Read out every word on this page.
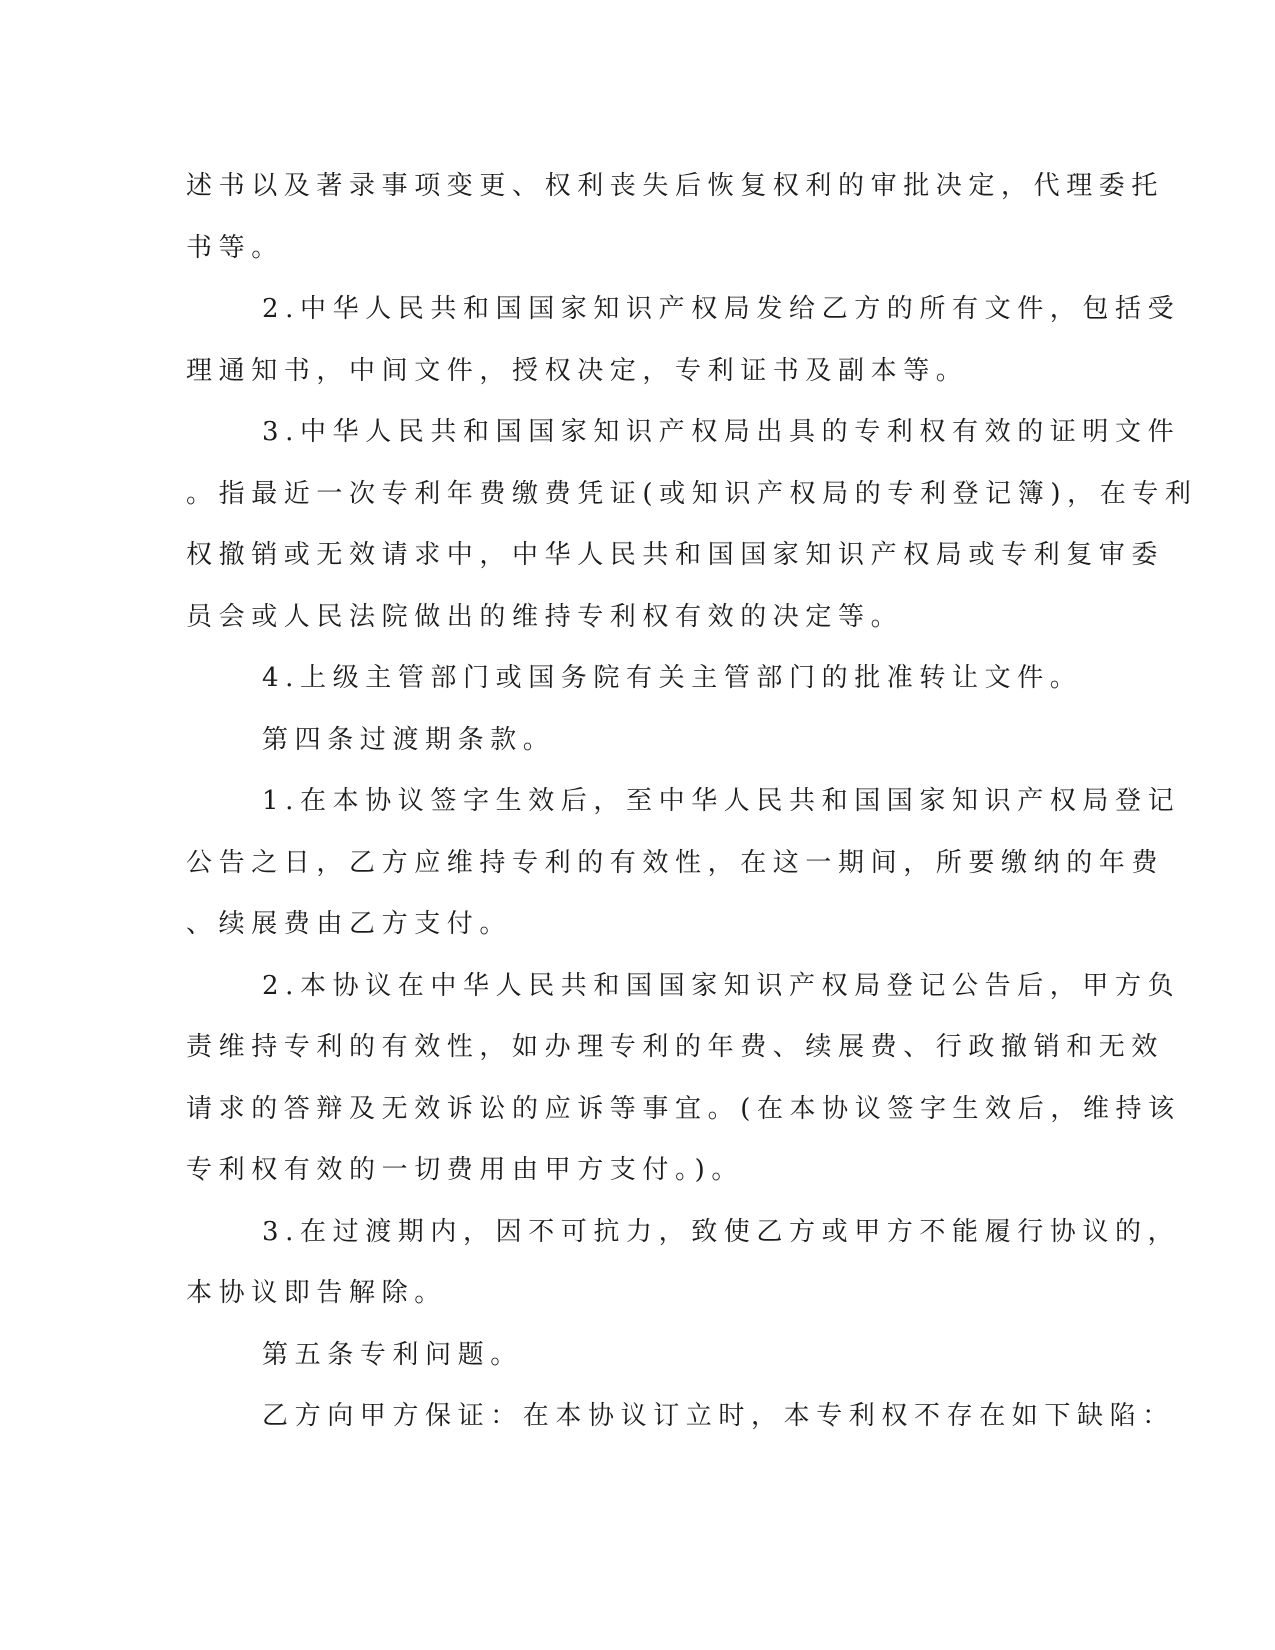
述书以及著录事项变更、权利丧失后恢复权利的审批决定，代理委托
书等。
2.中华人民共和国国家知识产权局发给乙方的所有文件，包括受
理通知书，中间文件，授权决定，专利证书及副本等。
3.中华人民共和国国家知识产权局出具的专利权有效的证明文件
。指最近一次专利年费缴费凭证(或知识产权局的专利登记簿)，在专利
权撤销或无效请求中，中华人民共和国国家知识产权局或专利复审委
员会或人民法院做出的维持专利权有效的决定等。
4.上级主管部门或国务院有关主管部门的批准转让文件。
第四条过渡期条款。
1.在本协议签字生效后，至中华人民共和国国家知识产权局登记
公告之日，乙方应维持专利的有效性，在这一期间，所要缴纳的年费
、续展费由乙方支付。
2.本协议在中华人民共和国国家知识产权局登记公告后，甲方负
责维持专利的有效性，如办理专利的年费、续展费、行政撤销和无效
请求的答辩及无效诉讼的应诉等事宜。(在本协议签字生效后，维持该
专利权有效的一切费用由甲方支付。)。
3.在过渡期内，因不可抗力，致使乙方或甲方不能履行协议的，
本协议即告解除。
第五条专利问题。
乙方向甲方保证：在本协议订立时，本专利权不存在如下缺陷：
